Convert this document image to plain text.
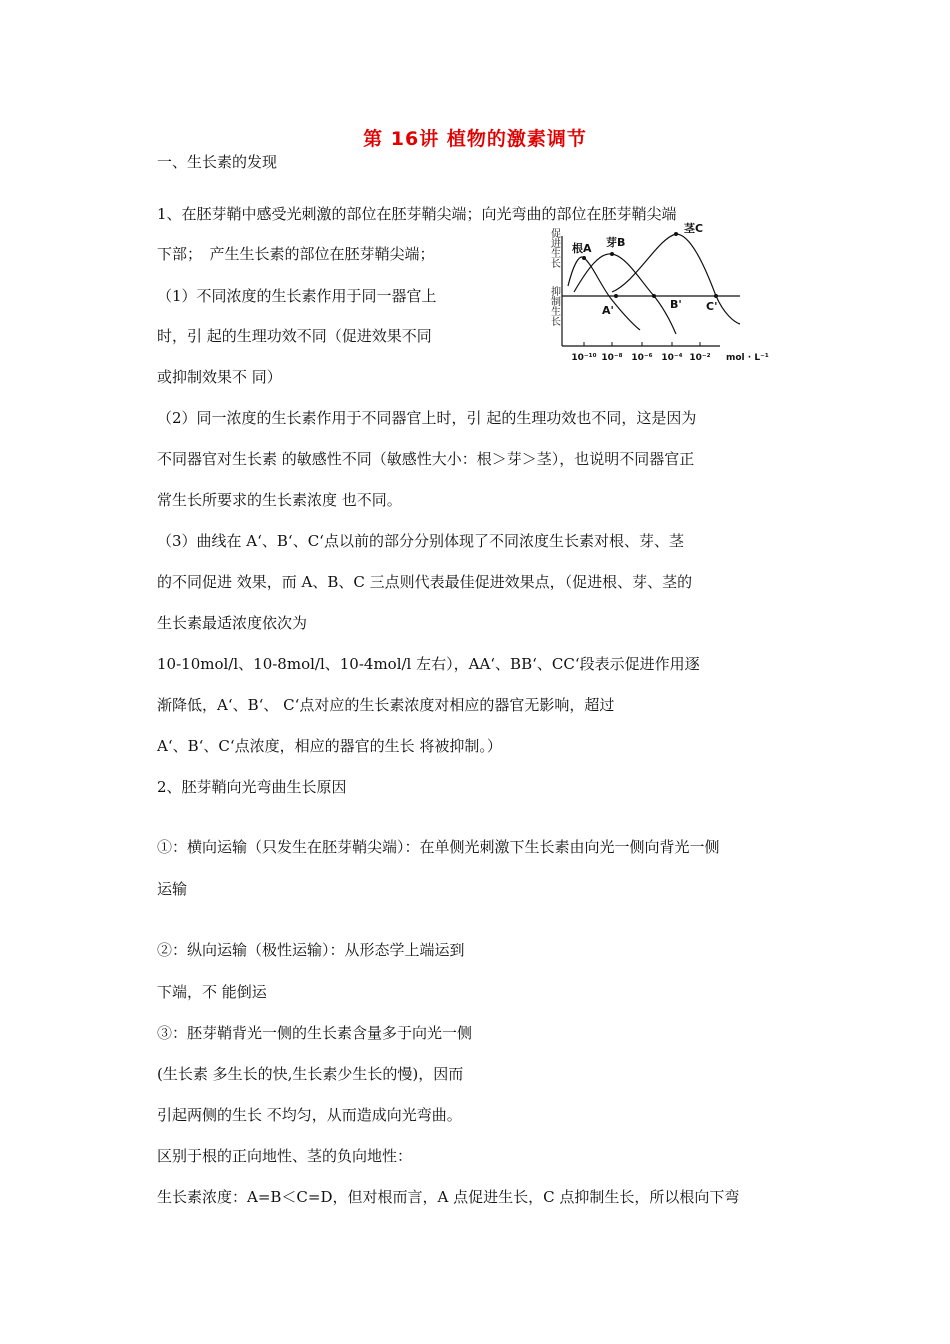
第 16讲 植物的激素调节
一、生长素的发现
1、在胚芽鞘中感受光刺激的部位在胚芽鞘尖端；向光弯曲的部位在胚芽鞘尖端
下部；　产生生长素的部位在胚芽鞘尖端；
（1）不同浓度的生长素作用于同一器官上
时，引 起的生理功效不同（促进效果不同
或抑制效果不 同）
（2）同一浓度的生长素作用于不同器官上时，引 起的生理功效也不同，这是因为
不同器官对生长素 的敏感性不同（敏感性大小：根＞芽＞茎），也说明不同器官正
常生长所要求的生长素浓度 也不同。
（3）曲线在 A‘、B‘、C‘点以前的部分分别体现了不同浓度生长素对根、芽、茎
的不同促进 效果，而 A、B、C 三点则代表最佳促进效果点，（促进根、芽、茎的
生长素最适浓度依次为
10-10mol/l、10-8mol/l、10-4mol/l 左右），AA‘、BB‘、CC‘段表示促进作用逐
渐降低，A‘、B‘、 C‘点对应的生长素浓度对相应的器官无影响，超过
A‘、B‘、C‘点浓度，相应的器官的生长 将被抑制。）
2、胚芽鞘向光弯曲生长原因
①：横向运输（只发生在胚芽鞘尖端）：在单侧光刺激下生长素由向光一侧向背光一侧
运输
②：纵向运输（极性运输）：从形态学上端运到
下端，不 能倒运
③：胚芽鞘背光一侧的生长素含量多于向光一侧
(生长素 多生长的快,生长素少生长的慢)，因而
引起两侧的生长 不均匀，从而造成向光弯曲。
区别于根的正向地性、茎的负向地性：
生长素浓度：A=B＜C=D，但对根而言，A 点促进生长，C 点抑制生长，所以根向下弯
促进生长
抑制生长
根A 芽B
茎C
A'	B' C'
10⁻¹⁰ 10⁻⁸ 10⁻⁶ 10⁻⁴ 10⁻² mol · L⁻¹
